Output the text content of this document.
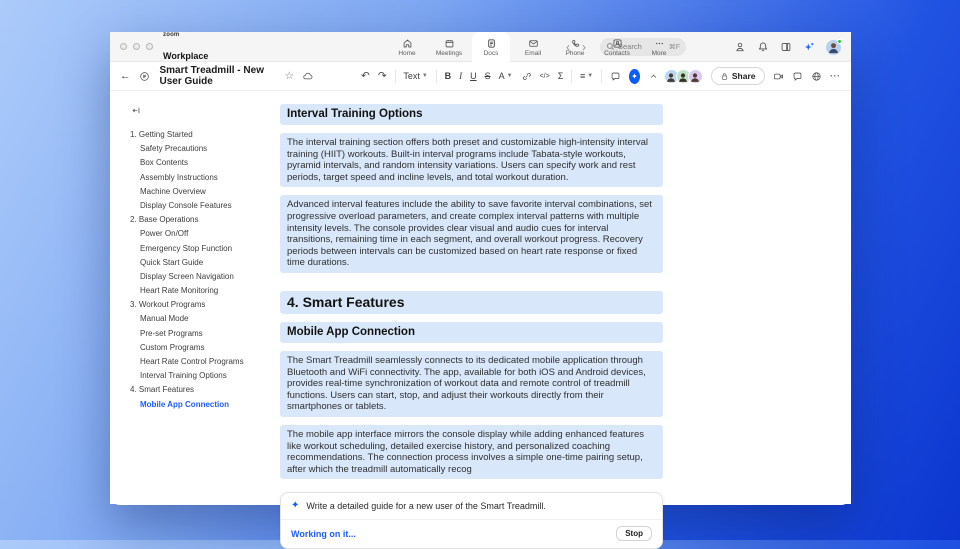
zoom
Workplace
‹	›	Search	⌘F
Home	Meetings	Docs	Email	Phone	Contacts	More
←	Smart Treadmill - New User Guide	☆	↶ ↷ Text ▼ B I U S A ▼	</> Σ ≡ ▼	✦	Share	⋯
1. Getting Started
Safety Precautions
Box Contents
Assembly Instructions
Machine Overview
Display Console Features
2. Base Operations
Power On/Off
Emergency Stop Function
Quick Start Guide
Display Screen Navigation
Heart Rate Monitoring
3. Workout Programs
Manual Mode
Pre-set Programs
Custom Programs
Heart Rate Control Programs
Interval Training Options
4. Smart Features
Mobile App Connection
Interval Training Options
The interval training section offers both preset and customizable high-intensity interval training (HIIT) workouts. Built-in interval programs include Tabata-style workouts, pyramid intervals, and random intensity variations. Users can specify work and rest periods, target speed and incline levels, and total workout duration.
Advanced interval features include the ability to save favorite interval combinations, set progressive overload parameters, and create complex interval patterns with multiple intensity levels. The console provides clear visual and audio cues for interval transitions, remaining time in each segment, and overall workout progress. Recovery periods between intervals can be customized based on heart rate response or fixed time durations.
4. Smart Features
Mobile App Connection
The Smart Treadmill seamlessly connects to its dedicated mobile application through Bluetooth and WiFi connectivity. The app, available for both iOS and Android devices, provides real-time synchronization of workout data and remote control of treadmill functions. Users can start, stop, and adjust their workouts directly from their smartphones or tablets.
The mobile app interface mirrors the console display while adding enhanced features like workout scheduling, detailed exercise history, and personalized coaching recommendations. The connection process involves a simple one-time pairing setup, after which the treadmill automatically recog
✦ Write a detailed guide for a new user of the Smart Treadmill.
Working on it...	Stop
